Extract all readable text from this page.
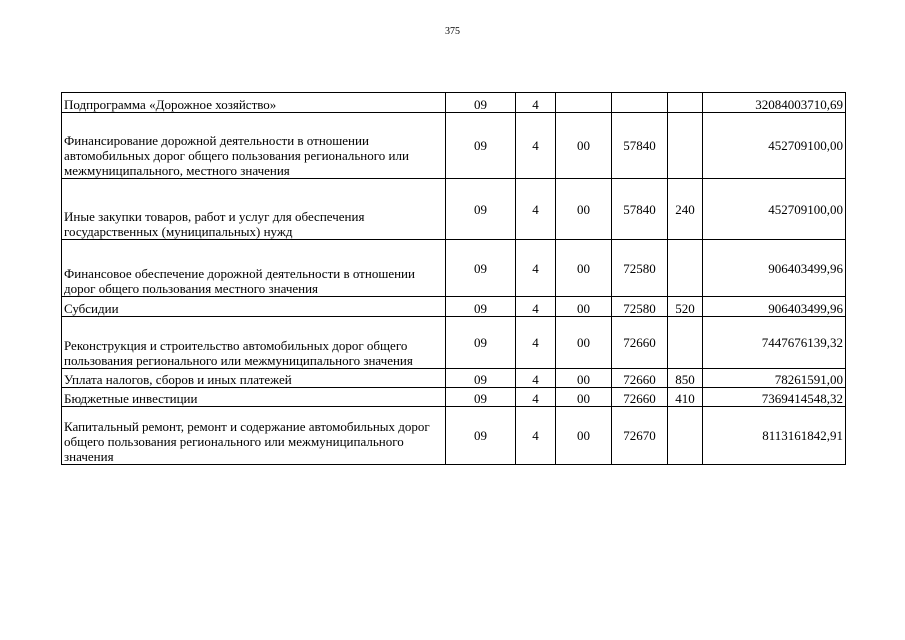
375
Подпрограмма «Дорожное хозяйство»	09	4				32084003710,69
Финансирование дорожной деятельности в отношении автомобильных дорог общего пользования регионального или межмуниципального, местного значения	09	4	00	57840		452709100,00
Иные закупки товаров, работ и услуг для обеспечения государственных (муниципальных) нужд	09	4	00	57840	240	452709100,00
Финансовое обеспечение дорожной деятельности в отношении дорог общего пользования местного значения	09	4	00	72580		906403499,96
Субсидии	09	4	00	72580	520	906403499,96
Реконструкция и строительство автомобильных дорог общего пользования регионального или межмуниципального значения	09	4	00	72660		7447676139,32
Уплата налогов, сборов и иных платежей	09	4	00	72660	850	78261591,00
Бюджетные инвестиции	09	4	00	72660	410	7369414548,32
Капитальный ремонт, ремонт и содержание автомобильных дорог общего пользования регионального или межмуниципального значения	09	4	00	72670		8113161842,91
